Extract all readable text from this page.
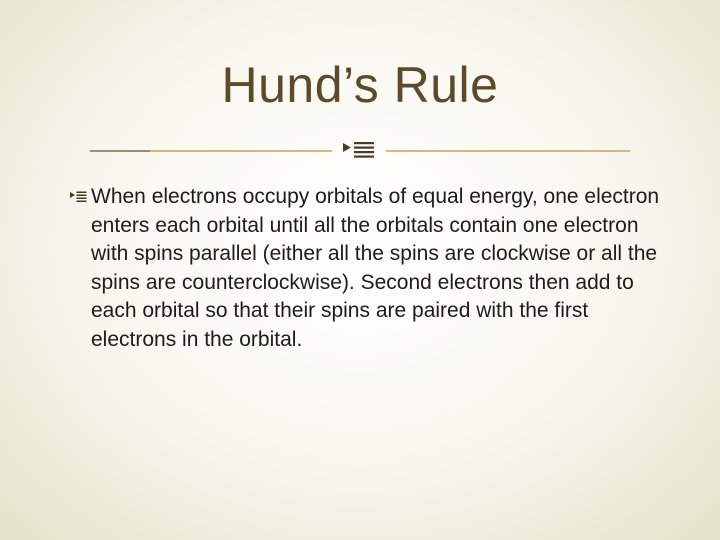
Hund’s Rule
When electrons occupy orbitals of equal energy, one electron enters each orbital until all the orbitals contain one electron with spins parallel (either all the spins are clockwise or all the spins are counterclockwise). Second electrons then add to each orbital so that their spins are paired with the first electrons in the orbital.
